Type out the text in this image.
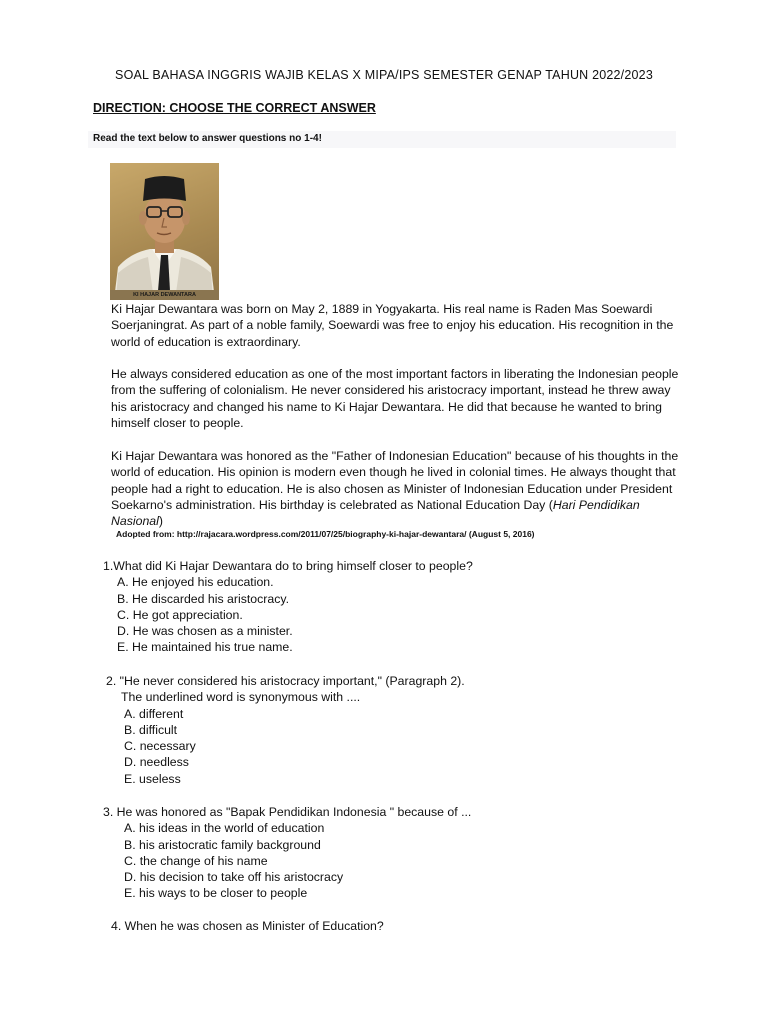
SOAL BAHASA INGGRIS WAJIB KELAS X MIPA/IPS SEMESTER GENAP TAHUN 2022/2023
DIRECTION: CHOOSE THE CORRECT ANSWER
Read the text below to answer questions no 1-4!
KI HAJAR DEWANTARA
Ki Hajar Dewantara was born on May 2, 1889 in Yogyakarta. His real name is Raden Mas Soewardi Soerjaningrat. As part of a noble family, Soewardi was free to enjoy his education. His recognition in the world of education is extraordinary.
He always considered education as one of the most important factors in liberating the Indonesian people from the suffering of colonialism. He never considered his aristocracy important, instead he threw away his aristocracy and changed his name to Ki Hajar Dewantara. He did that because he wanted to bring himself closer to people.
Ki Hajar Dewantara was honored as the "Father of Indonesian Education" because of his thoughts in the world of education. His opinion is modern even though he lived in colonial times. He always thought that people had a right to education. He is also chosen as Minister of Indonesian Education under President Soekarno's administration. His birthday is celebrated as National Education Day (Hari Pendidikan Nasional)
Adopted from: http://rajacara.wordpress.com/2011/07/25/biography-ki-hajar-dewantara/ (August 5, 2016)
1.What did Ki Hajar Dewantara do to bring himself closer to people?
A. He enjoyed his education.
B. He discarded his aristocracy.
C. He got appreciation.
D. He was chosen as a minister.
E. He maintained his true name.
2. "He never considered his aristocracy important," (Paragraph 2).
The underlined word is synonymous with ....
A. different
B. difficult
C. necessary
D. needless
E. useless
3. He was honored as "Bapak Pendidikan Indonesia " because of ...
A. his ideas in the world of education
B. his aristocratic family background
C. the change of his name
D. his decision to take off his aristocracy
E. his ways to be closer to people
4. When he was chosen as Minister of Education?
